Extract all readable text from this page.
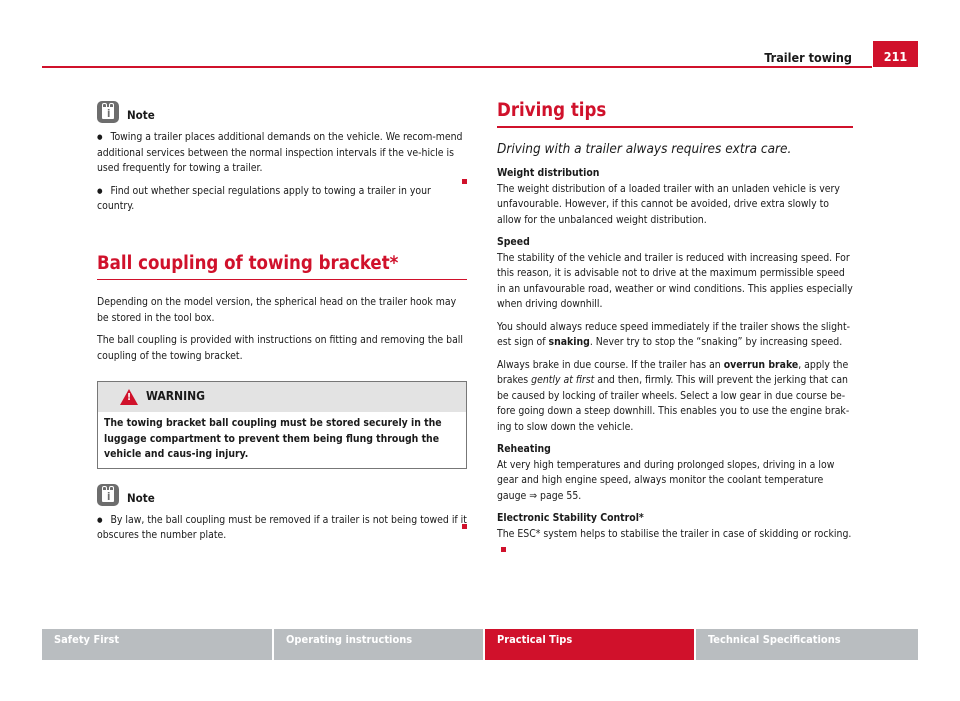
Trailer towing	211
i Note

● Towing a trailer places additional demands on the vehicle. We recom-mend additional services between the normal inspection intervals if the ve-hicle is used frequently for towing a trailer.

● Find out whether special regulations apply to towing a trailer in your country.

Ball coupling of towing bracket*

Depending on the model version, the spherical head on the trailer hook may be stored in the tool box.

The ball coupling is provided with instructions on fitting and removing the ball coupling of the towing bracket.

! WARNING
The towing bracket ball coupling must be stored securely in the luggage compartment to prevent them being flung through the vehicle and caus-ing injury.
i Note

● By law, the ball coupling must be removed if a trailer is not being towed if it obscures the number plate.

Driving tips
Driving with a trailer always requires extra care.

Weight distribution

The weight distribution of a loaded trailer with an unladen vehicle is very unfavourable. However, if this cannot be avoided, drive extra slowly to allow for the unbalanced weight distribution.

Speed

The stability of the vehicle and trailer is reduced with increasing speed. For this reason, it is advisable not to drive at the maximum permissible speed in an unfavourable road, weather or wind conditions. This applies especially when driving downhill.

You should always reduce speed immediately if the trailer shows the slight-est sign of snaking. Never try to stop the “snaking” by increasing speed.

Always brake in due course. If the trailer has an overrun brake, apply the brakes gently at first and then, firmly. This will prevent the jerking that can be caused by locking of trailer wheels. Select a low gear in due course be-fore going down a steep downhill. This enables you to use the engine brak-ing to slow down the vehicle.

Reheating

At very high temperatures and during prolonged slopes, driving in a low gear and high engine speed, always monitor the coolant temperature gauge ⇒ page 55.

Electronic Stability Control*

The ESC* system helps to stabilise the trailer in case of skidding or rocking.

Safety First	Operating instructions	Practical Tips	Technical Specifications
